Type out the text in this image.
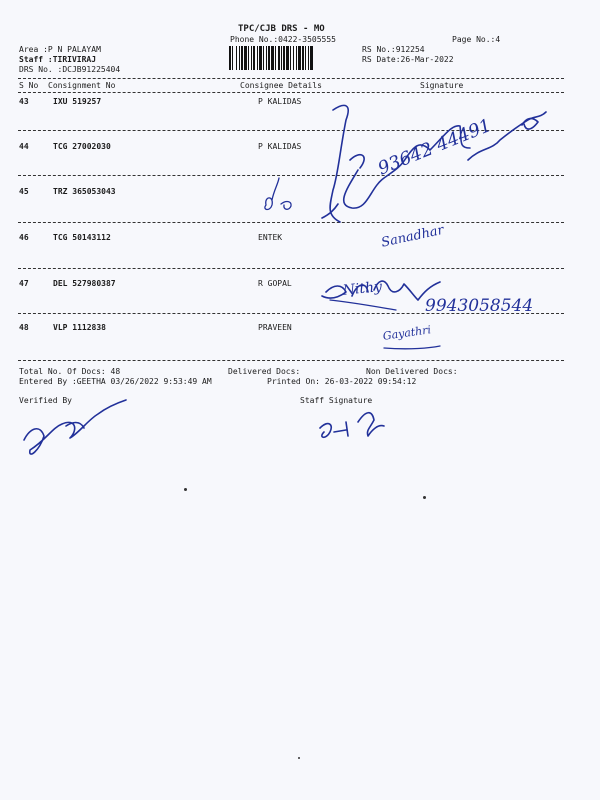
TPC/CJB DRS - MO
Phone No.:0422-3505555	Page No.:4
Area :P N PALAYAM
Staff :TIRIVIRAJ
DRS No. :DCJB91225404
RS No.:912254
RS Date:26-Mar-2022
S No Consignment No	Consignee Details	Signature
43	IXU 519257	P KALIDAS
44	TCG 27002030	P KALIDAS
45	TRZ 365053043
46	TCG 50143112	ENTEK
47	DEL 527980387	R GOPAL
48	VLP 1112838	PRAVEEN
Total No. Of Docs: 48	Delivered Docs:	Non Delivered Docs:
Entered By :GEETHA 03/26/2022 9:53:49 AM	Printed On: 26-03-2022 09:54:12
Verified By	Staff Signature
93642 44491
Sanadhar
Nithy
9943058544
Gayathri
